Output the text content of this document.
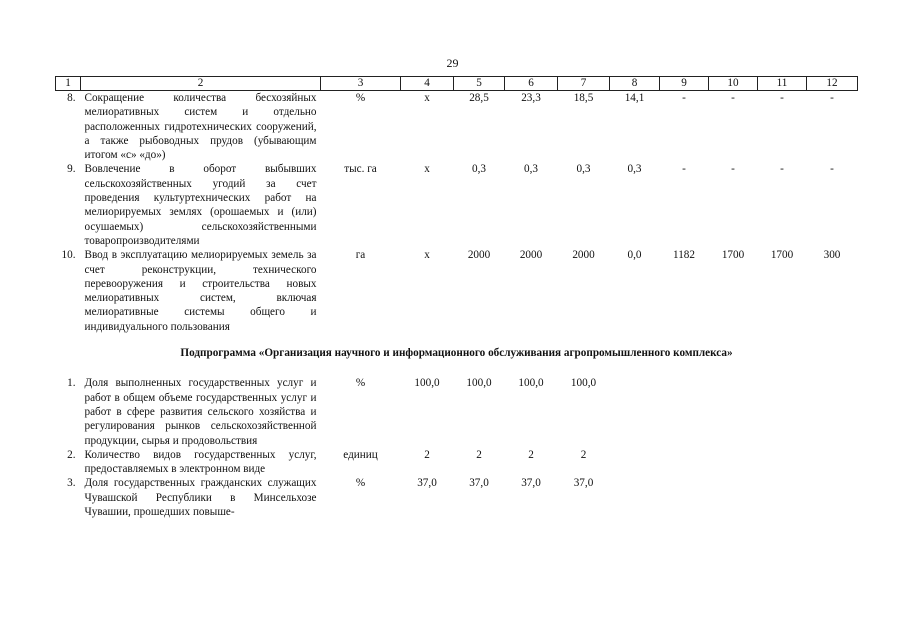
29
1	2	3	4	5	6	7	8	9	10	11	12
8.	Сокращение количества бесхозяйных мелиоративных систем и отдельно расположенных гидротехнических сооружений, а также рыбоводных прудов (убывающим итогом «с» «до»)	%	х	28,5	23,3	18,5	14,1	-	-	-	-
9.	Вовлечение в оборот выбывших сельскохозяйственных угодий за счет проведения культуртехнических работ на мелиорируемых землях (орошаемых и (или) осушаемых) сельскохозяйственными товаропроизводителями	тыс. га	х	0,3	0,3	0,3	0,3	-	-	-	-
10.	Ввод в эксплуатацию мелиорируемых земель за счет реконструкции, технического перевооружения и строительства новых мелиоративных систем, включая мелиоративные системы общего и индивидуального пользования	га	х	2000	2000	2000	0,0	1182	1700	1700	300
Подпрограмма «Организация научного и информационного обслуживания агропромышленного комплекса»											
1.	Доля выполненных государственных услуг и работ в общем объеме государственных услуг и работ в сфере развития сельского хозяйства и регулирования рынков сельскохозяйственной продукции, сырья и продовольствия	%	100,0	100,0	100,0	100,0					
2.	Количество видов государственных услуг, предоставляемых в электронном виде	единиц	2	2	2	2					
3.	Доля государственных гражданских служащих Чувашской Республики в Минсельхозе Чувашии, прошедших повыше-	%	37,0	37,0	37,0	37,0					
